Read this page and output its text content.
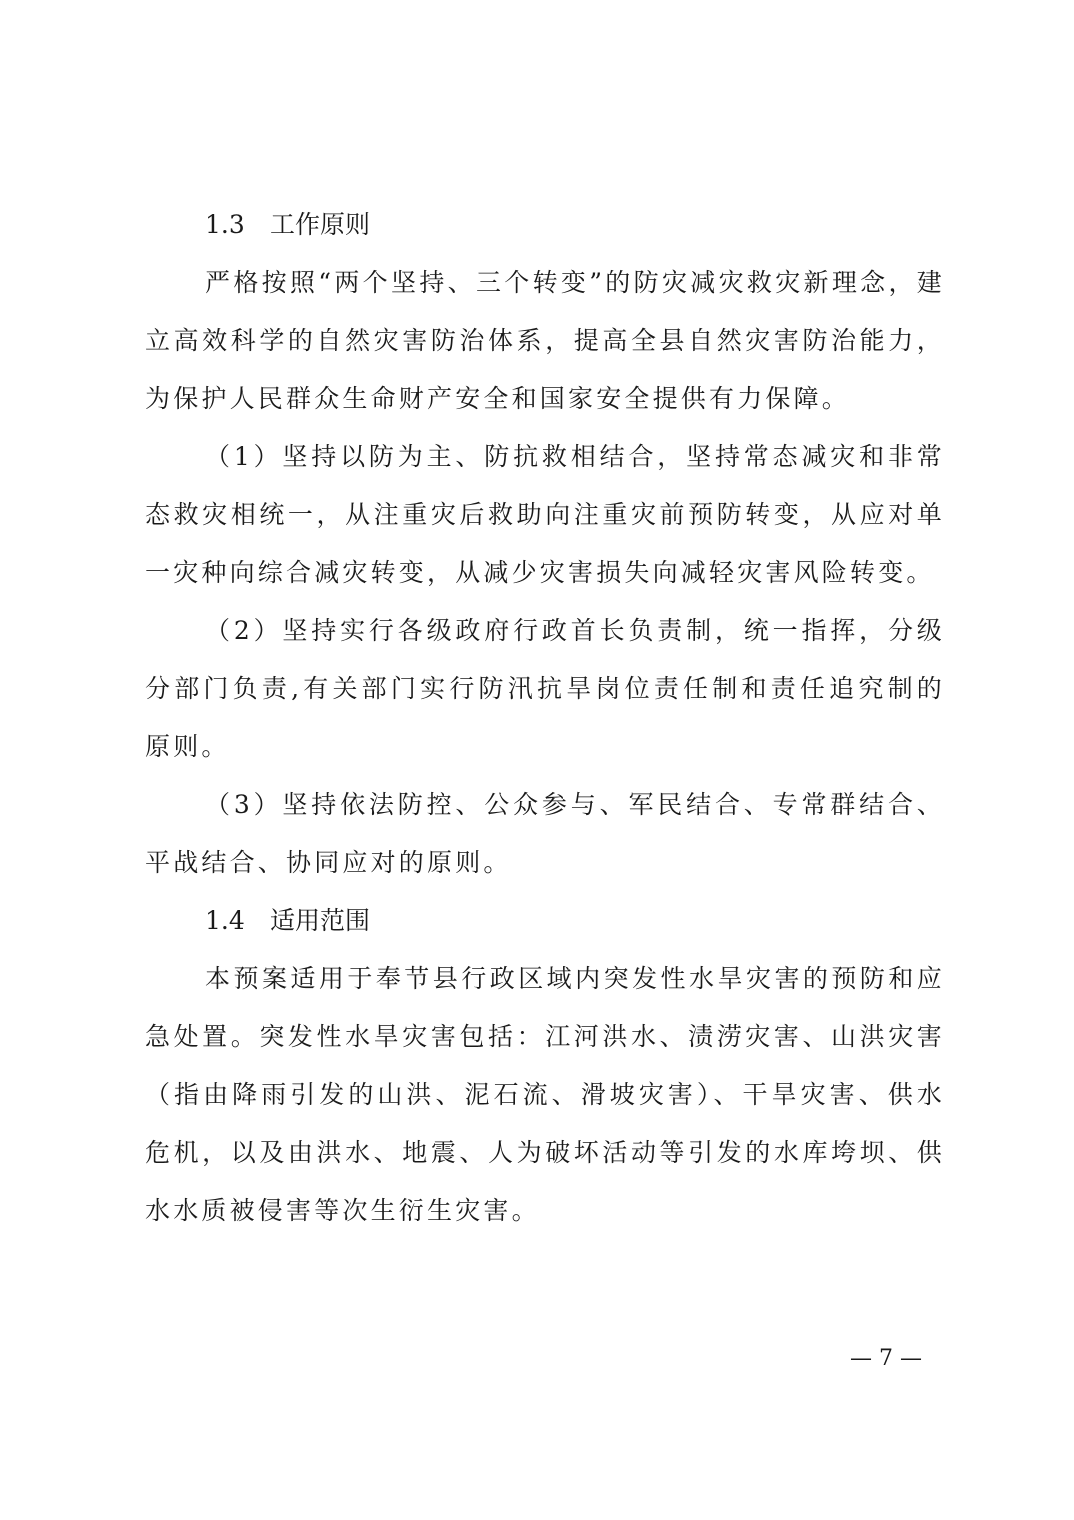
1.3 工作原则

严格按照“两个坚持、三个转变”的防灾减灾救灾新理念，建立高效科学的自然灾害防治体系，提高全县自然灾害防治能力，为保护人民群众生命财产安全和国家安全提供有力保障。

（1）坚持以防为主、防抗救相结合，坚持常态减灾和非常态救灾相统一，从注重灾后救助向注重灾前预防转变，从应对单一灾种向综合减灾转变，从减少灾害损失向减轻灾害风险转变。

（2）坚持实行各级政府行政首长负责制，统一指挥，分级分部门负责,有关部门实行防汛抗旱岗位责任制和责任追究制的原则。

（3）坚持依法防控、公众参与、军民结合、专常群结合、平战结合、协同应对的原则。

1.4 适用范围

本预案适用于奉节县行政区域内突发性水旱灾害的预防和应急处置。突发性水旱灾害包括：江河洪水、渍涝灾害、山洪灾害（指由降雨引发的山洪、泥石流、滑坡灾害）、干旱灾害、供水危机，以及由洪水、地震、人为破坏活动等引发的水库垮坝、供水水质被侵害等次生衍生灾害。

— 7 —
